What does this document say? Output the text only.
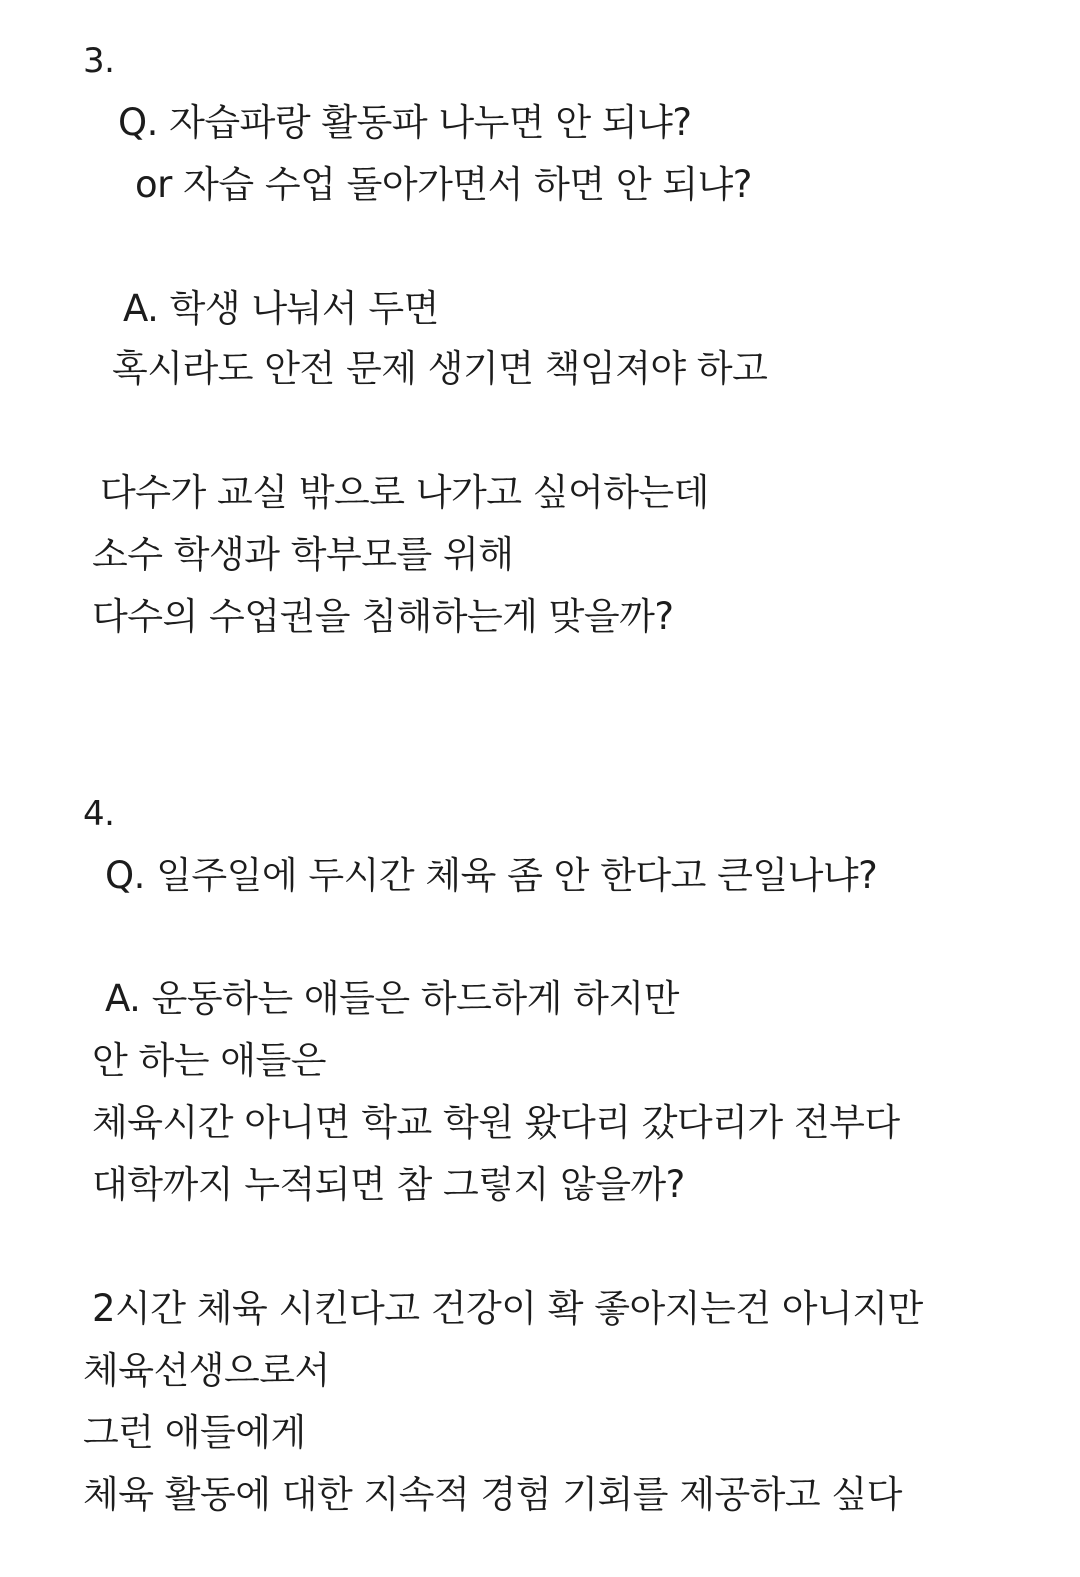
3.

Q. 자습파랑 활동파 나누면 안 되냐?

or 자습 수업 돌아가면서 하면 안 되냐?

A. 학생 나눠서 두면

혹시라도 안전 문제 생기면 책임져야 하고

다수가 교실 밖으로 나가고 싶어하는데

소수 학생과 학부모를 위해

다수의 수업권을 침해하는게 맞을까?

4.

Q. 일주일에 두시간 체육 좀 안 한다고 큰일나냐?

A. 운동하는 애들은 하드하게 하지만

안 하는 애들은

체육시간 아니면 학교 학원 왔다리 갔다리가 전부다

대학까지 누적되면 참 그렇지 않을까?

2시간 체육 시킨다고 건강이 확 좋아지는건 아니지만

체육선생으로서

그런 애들에게

체육 활동에 대한 지속적 경험 기회를 제공하고 싶다
